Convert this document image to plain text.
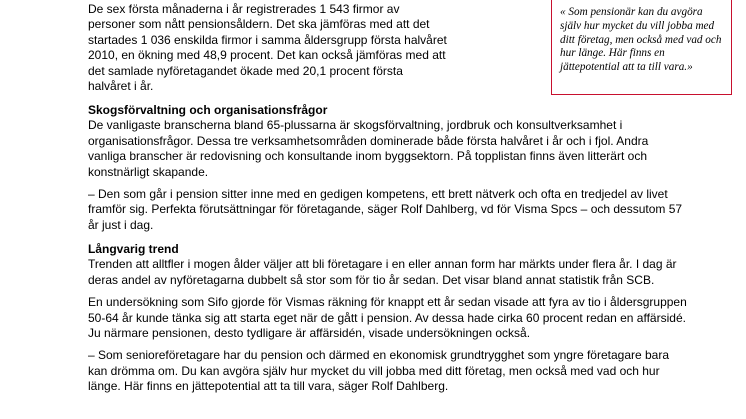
De sex första månaderna i år registrerades 1 543 firmor av personer som nått pensionsåldern. Det ska jämföras med att det startades 1 036 enskilda firmor i samma åldersgrupp första halvåret 2010, en ökning med 48,9 procent. Det kan också jämföras med att det samlade nyföretagandet ökade med 20,1 procent första halvåret i år.

Skogsförvaltning och organisationsfrågor

De vanligaste branscherna bland 65-plussarna är skogsförvaltning, jordbruk och konsultverksamhet i organisationsfrågor. Dessa tre verksamhetsområden dominerade både första halvåret i år och i fjol. Andra vanliga branscher är redovisning och konsultande inom byggsektorn. På topplistan finns även litterärt och konstnärligt skapande.

– Den som går i pension sitter inne med en gedigen kompetens, ett brett nätverk och ofta en tredjedel av livet framför sig. Perfekta förutsättningar för företagande, säger Rolf Dahlberg, vd för Visma Spcs – och dessutom 57 år just i dag.

Långvarig trend

Trenden att alltfler i mogen ålder väljer att bli företagare i en eller annan form har märkts under flera år. I dag är deras andel av nyföretagarna dubbelt så stor som för tio år sedan. Det visar bland annat statistik från SCB.

En undersökning som Sifo gjorde för Vismas räkning för knappt ett år sedan visade att fyra av tio i åldersgruppen 50-64 år kunde tänka sig att starta eget när de gått i pension. Av dessa hade cirka 60 procent redan en affärsidé. Ju närmare pensionen, desto tydligare är affärsidén, visade undersökningen också.

– Som senioreföretagare har du pension och därmed en ekonomisk grundtrygghet som yngre företagare bara kan drömma om. Du kan avgöra själv hur mycket du vill jobba med ditt företag, men också med vad och hur länge. Här finns en jättepotential att ta till vara, säger Rolf Dahlberg.

« Som pensionär kan du avgöra själv hur mycket du vill jobba med ditt företag, men också med vad och hur länge. Här finns en jättepotential att ta till vara.»
